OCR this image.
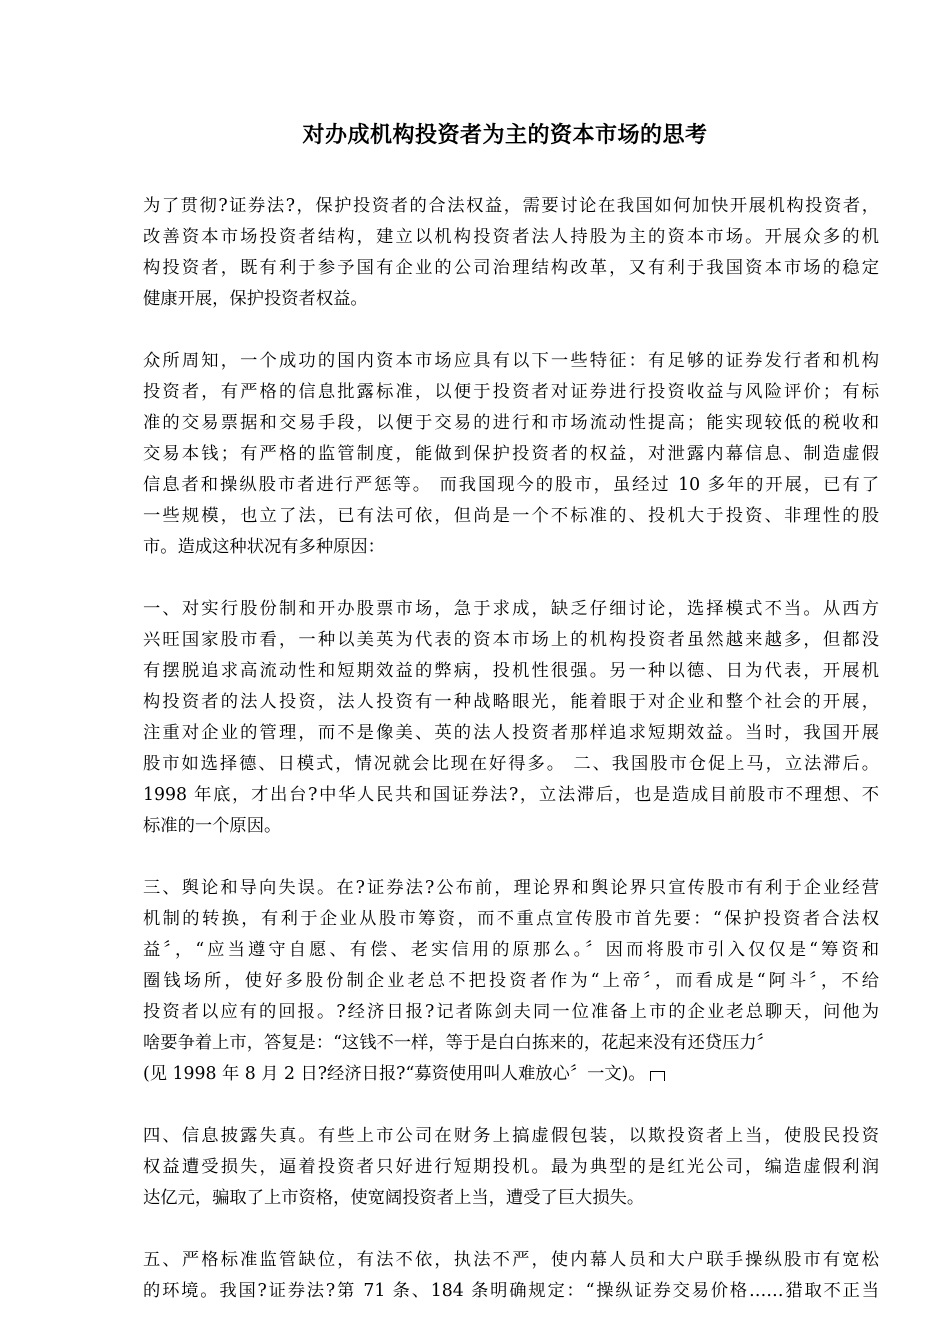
对办成机构投资者为主的资本市场的思考
为了贯彻?证券法?，保护投资者的合法权益，需要讨论在我国如何加快开展机构投资者，
改善资本市场投资者结构，建立以机构投资者法人持股为主的资本市场。开展众多的机
构投资者，既有利于参予国有企业的公司治理结构改革，又有利于我国资本市场的稳定
健康开展，保护投资者权益。
众所周知，一个成功的国内资本市场应具有以下一些特征：有足够的证券发行者和机构
投资者，有严格的信息批露标准，以便于投资者对证券进行投资收益与风险评价；有标
准的交易票据和交易手段，以便于交易的进行和市场流动性提高；能实现较低的税收和
交易本钱；有严格的监管制度，能做到保护投资者的权益，对泄露内幕信息、制造虚假
信息者和操纵股市者进行严惩等。 而我国现今的股市，虽经过 10 多年的开展，已有了
一些规模，也立了法，已有法可依，但尚是一个不标准的、投机大于投资、非理性的股
市。造成这种状况有多种原因：
一、对实行股份制和开办股票市场，急于求成，缺乏仔细讨论，选择模式不当。从西方
兴旺国家股市看，一种以美英为代表的资本市场上的机构投资者虽然越来越多，但都没
有摆脱追求高流动性和短期效益的弊病，投机性很强。另一种以德、日为代表，开展机
构投资者的法人投资，法人投资有一种战略眼光，能着眼于对企业和整个社会的开展，
注重对企业的管理，而不是像美、英的法人投资者那样追求短期效益。当时，我国开展
股市如选择德、日模式，情况就会比现在好得多。 二、我国股市仓促上马，立法滞后。
1998 年底，才出台?中华人民共和国证券法?，立法滞后，也是造成目前股市不理想、不
标准的一个原因。
三、舆论和导向失误。在?证券法?公布前，理论界和舆论界只宣传股市有利于企业经营
机制的转换，有利于企业从股市筹资，而不重点宣传股市首先要：“保护投资者合法权
益〞，“应当遵守自愿、有偿、老实信用的原那么。〞因而将股市引入仅仅是“筹资和
圈钱场所，使好多股份制企业老总不把投资者作为“上帝〞，而看成是“阿斗〞，不给
投资者以应有的回报。?经济日报?记者陈剑夫同一位准备上市的企业老总聊天，问他为
啥要争着上市，答复是：“这钱不一样，等于是白白拣来的，花起来没有还贷压力〞
(见 1998 年 8 月 2 日?经济日报?“募资使用叫人难放心〞一文)。
四、信息披露失真。有些上市公司在财务上搞虚假包装，以欺投资者上当，使股民投资
权益遭受损失，逼着投资者只好进行短期投机。最为典型的是红光公司，编造虚假利润
达亿元，骗取了上市资格，使宽阔投资者上当，遭受了巨大损失。
五、严格标准监管缺位，有法不依，执法不严，使内幕人员和大户联手操纵股市有宽松
的环境。我国?证券法?第 71 条、184 条明确规定：“操纵证券交易价格……猎取不正当
